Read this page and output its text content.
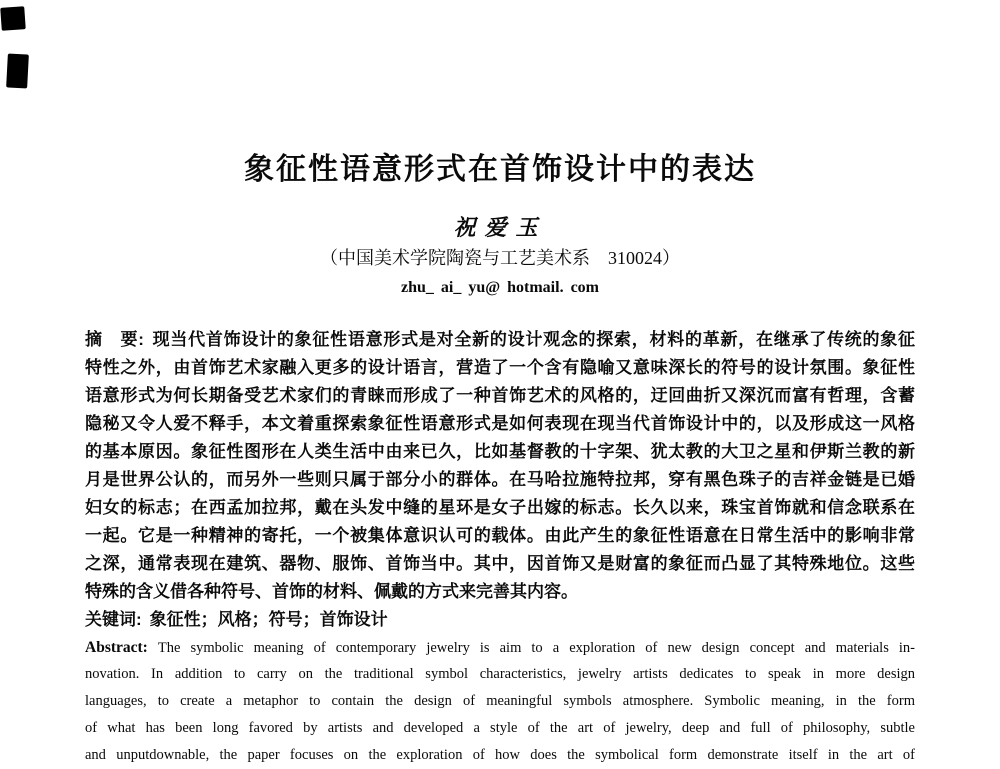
象征性语意形式在首饰设计中的表达
祝爱玉
（中国美术学院陶瓷与工艺美术系　310024）
zhu_ ai_ yu@ hotmail. com
摘　要: 现当代首饰设计的象征性语意形式是对全新的设计观念的探索，材料的革新，在继承了传统的象征
特性之外，由首饰艺术家融入更多的设计语言，营造了一个含有隐喻又意味深长的符号的设计氛围。象征性
语意形式为何长期备受艺术家们的青睐而形成了一种首饰艺术的风格的，迂回曲折又深沉而富有哲理，含蓄
隐秘又令人爱不释手，本文着重探索象征性语意形式是如何表现在现当代首饰设计中的，以及形成这一风格
的基本原因。象征性图形在人类生活中由来已久，比如基督教的十字架、犹太教的大卫之星和伊斯兰教的新
月是世界公认的，而另外一些则只属于部分小的群体。在马哈拉施特拉邦，穿有黑色珠子的吉祥金链是已婚
妇女的标志；在西孟加拉邦，戴在头发中缝的星环是女子出嫁的标志。长久以来，珠宝首饰就和信念联系在
一起。它是一种精神的寄托，一个被集体意识认可的载体。由此产生的象征性语意在日常生活中的影响非常
之深，通常表现在建筑、器物、服饰、首饰当中。其中，因首饰又是财富的象征而凸显了其特殊地位。这些
特殊的含义借各种符号、首饰的材料、佩戴的方式来完善其内容。
关键词: 象征性；风格；符号；首饰设计
Abstract: The symbolic meaning of contemporary jewelry is aim to a exploration of new design concept and materials in-
novation. In addition to carry on the traditional symbol characteristics, jewelry artists dedicates to speak in more design
languages, to create a metaphor to contain the design of meaningful symbols atmosphere. Symbolic meaning, in the form
of what has been long favored by artists and developed a style of the art of jewelry, deep and full of philosophy, subtle
and unputdownable, the paper focuses on the exploration of how does the symbolical form demonstrate itself in the art of
